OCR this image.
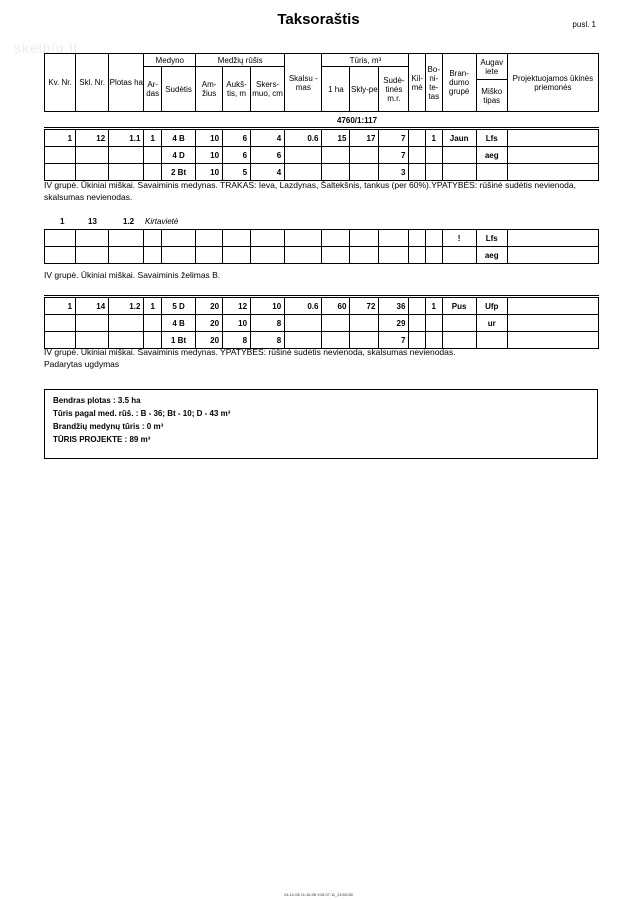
Taksoraštis	pusl. 1
skelbiu.lt
Kv. Nr.	Skl. Nr.	Plotas ha	Medyno		Medžių rūšis			Skalsu - mas	Tūris, m³			Kil-mė	Bo-ni-te-tas	Bran-dumo grupė	Augav iete	Projektuojamos ūkinės priemonės
			Ar-das	Sudėtis	Am-žius	Aukš-tis, m	Skers-muo, cm		1 ha	Skly-pe	Sudė-tinės m.r.					
															Miško tipas	
4760/1:117
1	12	1.1	1	4 B	10	6	4	0.6	15	17	7		1	Jaun	Lfs	
				4 D	10	6	6				7				aeg	
				2 Bt	10	5	4				3					
IV grupė. Ūkiniai miškai. Savaiminis medynas. TRAKAS: Ieva, Lazdynas, Šaltekšnis, tankus (per 60%).YPATYBĖS: rūšinė sudėtis nevienoda, skalsumas nevienodas.
1	13	1.2 Kirtavietė
														!	Lfs	
															aeg	
IV grupė. Ūkiniai miškai. Savaiminis želimas B.
1	14	1.2	1	5 D	20	12	10	0.6	60	72	36		1	Pus	Ufp	
				4 B	20	10	8				29				ur	
				1 Bt	20	8	8				7					
IV grupė. Ūkiniai miškai. Savaiminis medynas. YPATYBĖS: rūšinė sudėtis nevienoda, skalsumas nevienodas.
Padarytas ugdymas
Bendras plotas : 3.5 ha
Tūris pagal med. rūš. : B - 36; Bt - 10; D - 43 m³
Brandžių medynų tūris : 0 m³
TŪRIS PROJEKTE : 89 m³
24.12.06 11:16:35 X15.07.11_21/02/30
